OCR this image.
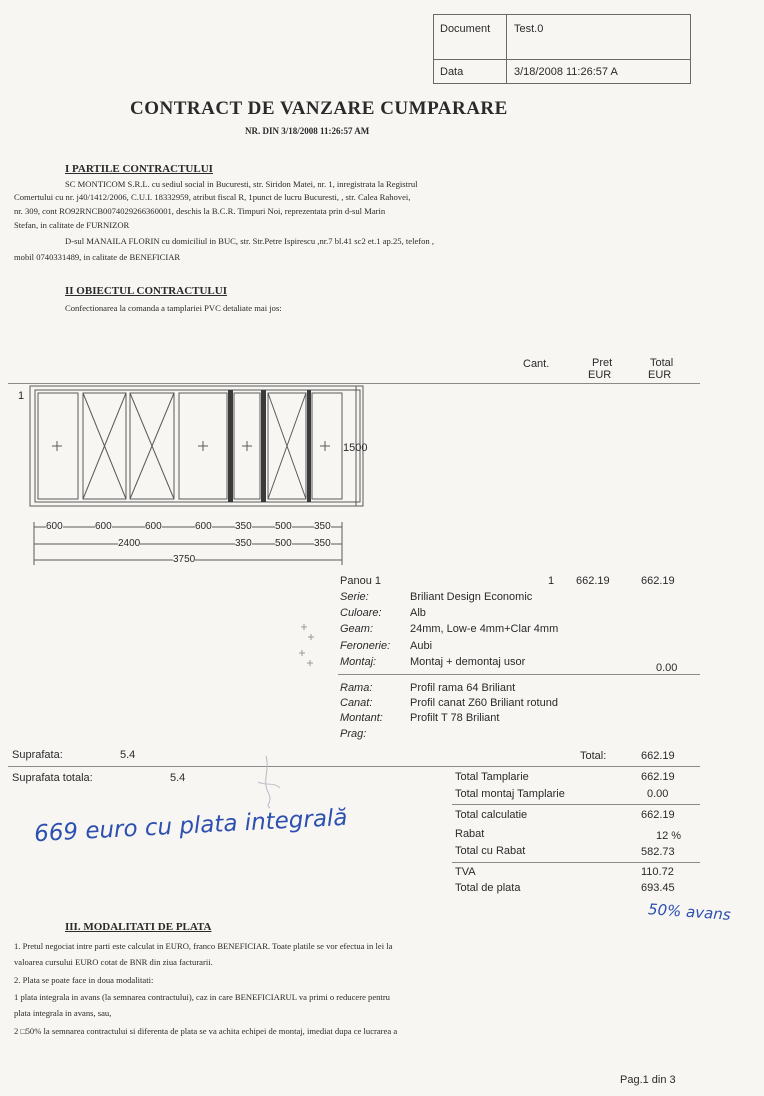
Document Test.0
Data	3/18/2008 11:26:57 A
CONTRACT DE VANZARE CUMPARARE
NR. DIN 3/18/2008 11:26:57 AM
I PARTILE CONTRACTULUI
SC MONTICOM S.R.L. cu sediul social in Bucuresti, str. Siridon Matei, nr. 1, inregistrata la Registrul
Comertului cu nr. j40/1412/2006, C.U.I. 18332959, atribut fiscal R, 1punct de lucru Bucuresti, , str. Calea Rahovei,
nr. 309, cont RO92RNCB0074029266360001, deschis la B.C.R. Timpuri Noi, reprezentata prin d-sul Marin
Stefan, in calitate de FURNIZOR
D-sul MANAILA FLORIN cu domiciliul in BUC, str. Str.Petre Ispirescu ,nr.7 bl.41 sc2 et.1 ap.25, telefon ,
mobil 0740331489, in calitate de BENEFICIAR
II OBIECTUL CONTRACTULUI
Confectionarea la comanda a tamplariei PVC detaliate mai jos:
Cant.	Pret
EUR
Total
EUR
1
1500
600	600	600	600 350 500 350
2400	350 500 350
3750
Panou 1	1 662.19	662.19
Serie:	Briliant Design Economic
Culoare:	Alb
Geam:	24mm, Low-e 4mm+Clar 4mm
Feronerie: Aubi
Montaj:	Montaj + demontaj usor	0.00
Rama:	Profil rama 64 Briliant
Canat:	Profil canat Z60 Briliant rotund
Montant: Profilt T 78 Briliant
Prag:
Suprafata:	5.4	Total:	662.19
Suprafata totala:	5.4	Total Tamplarie	662.19
Total montaj Tamplarie	0.00
Total calculatie	662.19
Rabat	12 %
Total cu Rabat	582.73
TVA	110.72
Total de plata	693.45
669 euro cu plata integrală
50% avans
III. MODALITATI DE PLATA
1. Pretul negociat intre parti este calculat in EURO, franco BENEFICIAR. Toate platile se vor efectua in lei la
valoarea cursului EURO cotat de BNR din ziua facturarii.
2. Plata se poate face in doua modalitati:
1 plata integrala in avans (la semnarea contractului), caz in care BENEFICIARUL va primi o reducere pentru
plata integrala in avans, sau,
2 □50% la semnarea contractului si diferenta de plata se va achita echipei de montaj, imediat dupa ce lucrarea a
Pag.1 din 3
